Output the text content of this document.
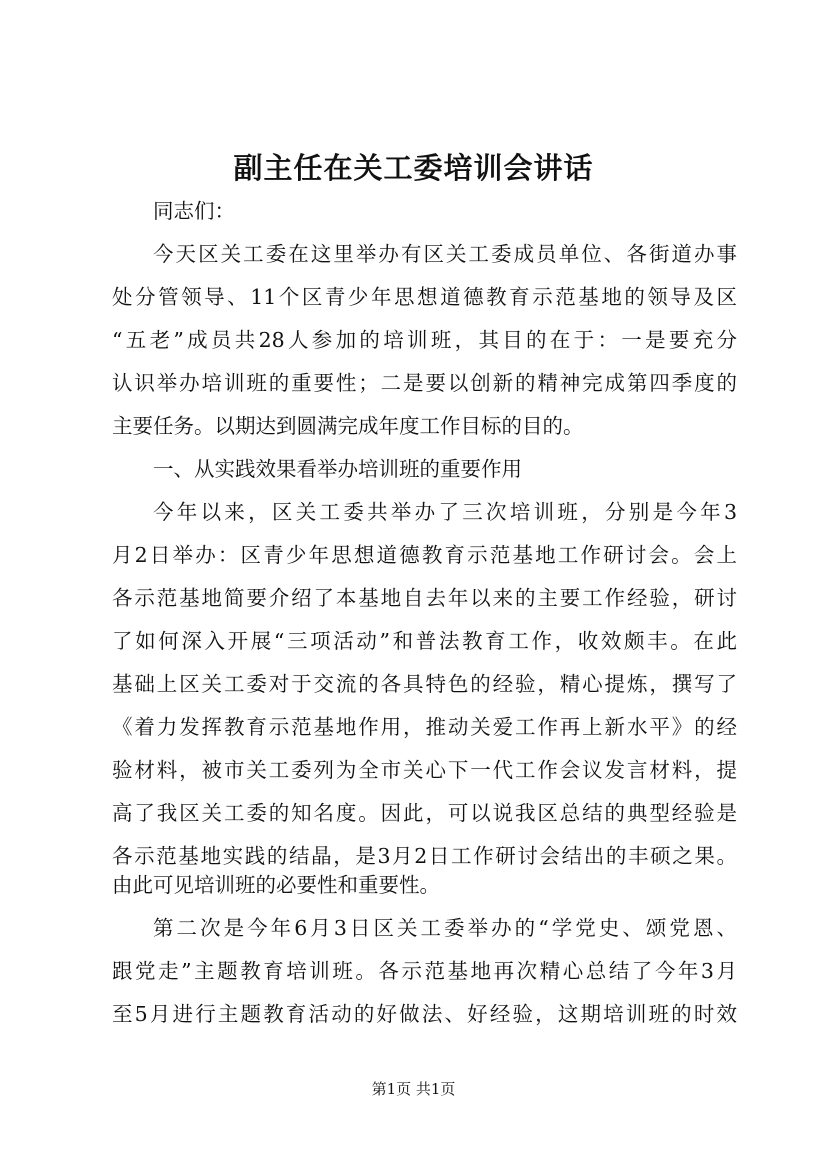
副主任在关工委培训会讲话
同志们：
今天区关工委在这里举办有区关工委成员单位、各街道办事
处分管领导、11个区青少年思想道德教育示范基地的领导及区
“五老”成员共28人参加的培训班，其目的在于：一是要充分
认识举办培训班的重要性；二是要以创新的精神完成第四季度的
主要任务。以期达到圆满完成年度工作目标的目的。
一、从实践效果看举办培训班的重要作用
今年以来，区关工委共举办了三次培训班，分别是今年3
月2日举办：区青少年思想道德教育示范基地工作研讨会。会上
各示范基地简要介绍了本基地自去年以来的主要工作经验，研讨
了如何深入开展“三项活动”和普法教育工作，收效颇丰。在此
基础上区关工委对于交流的各具特色的经验，精心提炼，撰写了
《着力发挥教育示范基地作用，推动关爱工作再上新水平》的经
验材料，被市关工委列为全市关心下一代工作会议发言材料，提
高了我区关工委的知名度。因此，可以说我区总结的典型经验是
各示范基地实践的结晶，是3月2日工作研讨会结出的丰硕之果。
由此可见培训班的必要性和重要性。
第二次是今年6月3日区关工委举办的“学党史、颂党恩、
跟党走”主题教育培训班。各示范基地再次精心总结了今年3月
至5月进行主题教育活动的好做法、好经验，这期培训班的时效
第1页 共1页
